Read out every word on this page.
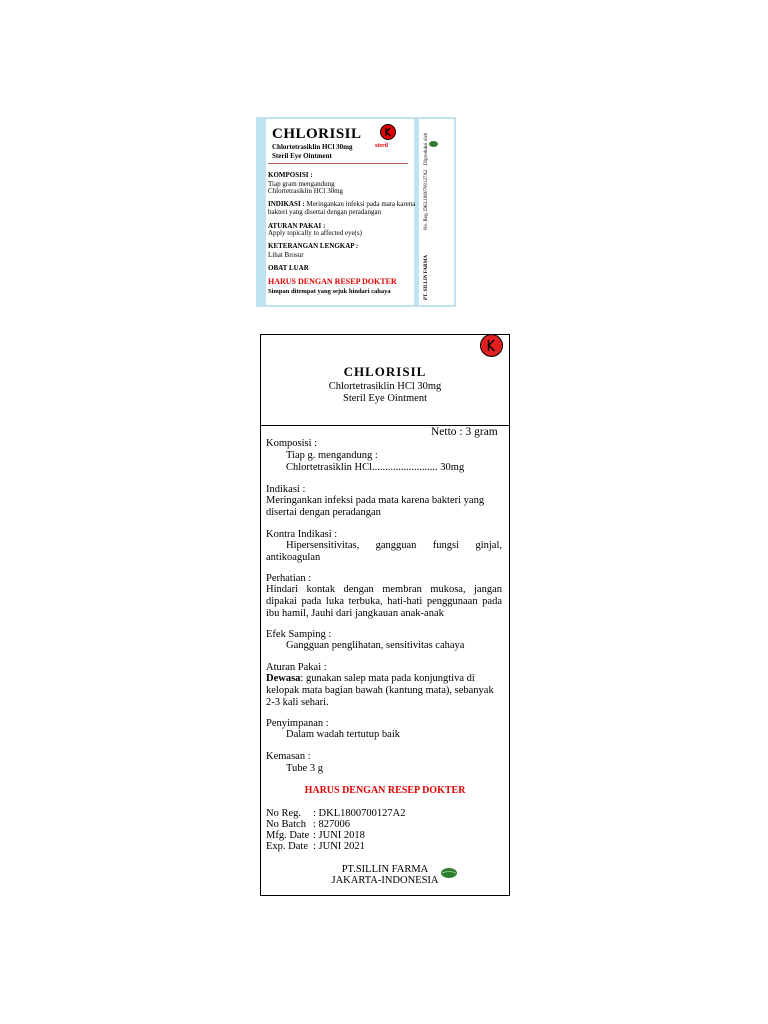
CHLORISIL
Chlortetrasiklin HCl 30mg	steril
Steril Eye Ointment
KOMPOSISI :
Tiap gram mengandung
Chlortetrasiklin HCl 30mg
INDIKASI : Meringankan infeksi pada mata karena
bakteri yang disertai dengan peradangan
ATURAN PAKAI :
Apply topically to affected eye(s)
KETERANGAN LENGKAP :
Lihat Brosur
OBAT LUAR
HARUS DENGAN RESEP DOKTER
Simpan ditempat yang sejuk hindari cahaya
No. Reg. DKL1800700127A2
Diproduksi oleh
PT. SILLIN FARMA
CHLORISIL
Chlortetrasiklin HCl 30mg
Steril Eye Ointment
Netto : 3 gram
Komposisi :
Tiap g. mengandung :
Chlortetrasiklin HCl......................... 30mg
Indikasi :
Meringankan infeksi pada mata karena bakteri yang disertai dengan peradangan
Kontra Indikasi :
Hipersensitivitas, gangguan fungsi ginjal, antikoagulan
Perhatian :
Hindari kontak dengan membran mukosa, jangan dipakai pada luka terbuka, hati-hati penggunaan pada ibu hamil, Jauhi dari jangkauan anak-anak
Efek Samping :
Gangguan penglihatan, sensitivitas cahaya
Aturan Pakai :
Dewasa: gunakan salep mata pada konjungtiva di kelopak mata bagian bawah (kantung mata), sebanyak 2-3 kali sehari.
Penyimpanan :
Dalam wadah tertutup baik
Kemasan :
Tube 3 g
HARUS DENGAN RESEP DOKTER
No Reg. : DKL1800700127A2
No Batch : 827006
Mfg. Date : JUNI 2018
Exp. Date : JUNI 2021
PT.SILLIN FARMA
JAKARTA-INDONESIA
